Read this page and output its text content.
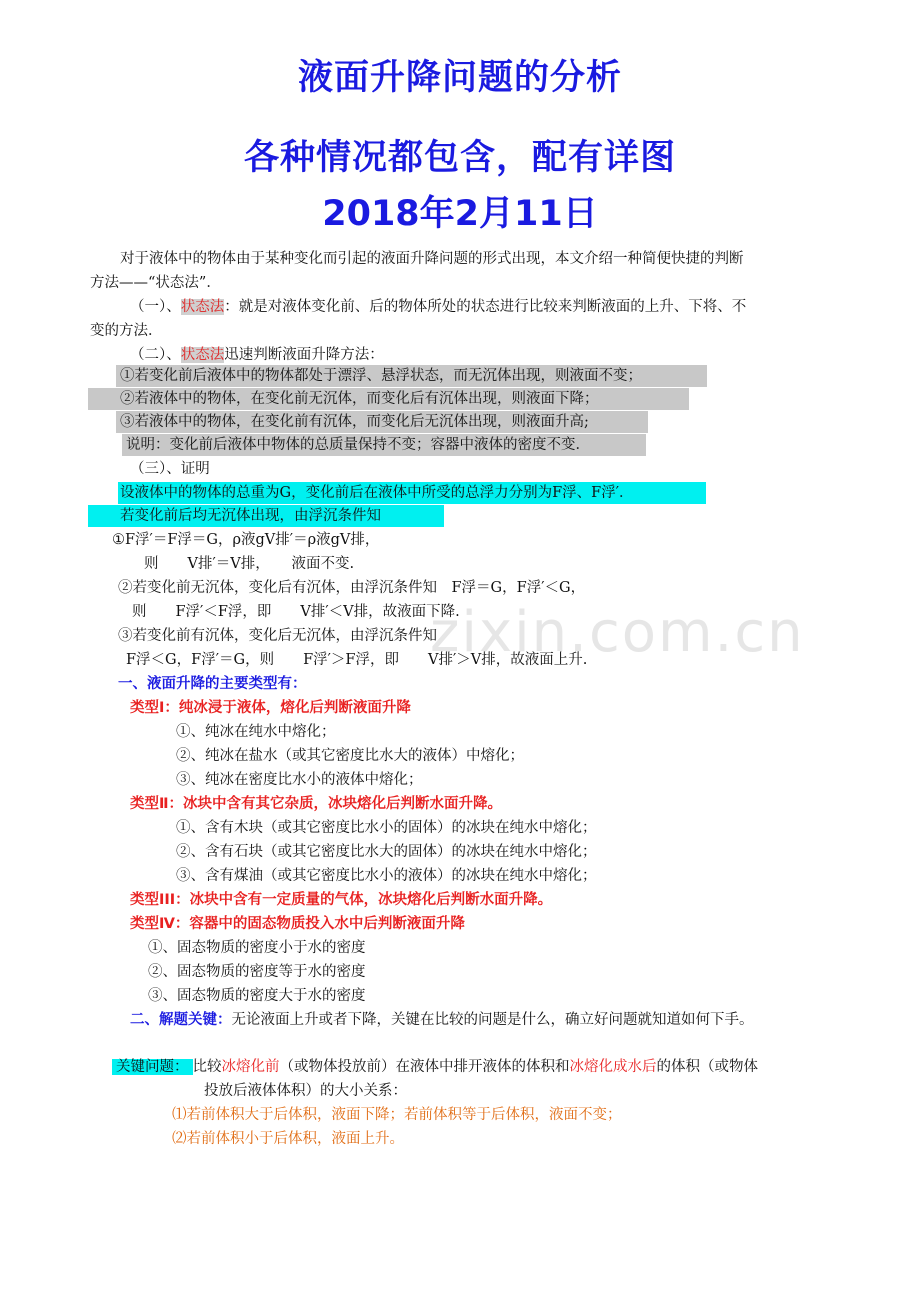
zixin.com.cn
液面升降问题的分析
各种情况都包含，配有详图
2018年2月11日
对于液体中的物体由于某种变化而引起的液面升降问题的形式出现，本文介绍一种简便快捷的判断
方法——“状态法”．
（一）、状态法：就是对液体变化前、后的物体所处的状态进行比较来判断液面的上升、下将、不
变的方法．
（二）、状态法迅速判断液面升降方法：
①若变化前后液体中的物体都处于漂浮、悬浮状态，而无沉体出现，则液面不变；
②若液体中的物体，在变化前无沉体，而变化后有沉体出现，则液面下降；
③若液体中的物体，在变化前有沉体，而变化后无沉体出现，则液面升高;
说明：变化前后液体中物体的总质量保持不变；容器中液体的密度不变．
（三）、证明
设液体中的物体的总重为G，变化前后在液体中所受的总浮力分别为F浮、F浮′．
若变化前后均无沉体出现，由浮沉条件知
①F浮′＝F浮＝G，ρ液gV排′＝ρ液gV排，
则　　V排′＝V排，　　液面不变.
②若变化前无沉体，变化后有沉体，由浮沉条件知　F浮＝G，F浮′＜G，
则　　F浮′＜F浮，即　　V排′＜V排，故液面下降.
③若变化前有沉体，变化后无沉体，由浮沉条件知
F浮＜G，F浮′＝G，则　　F浮′＞F浮，即　　V排′＞V排，故液面上升.
一、液面升降的主要类型有：
类型Ⅰ：纯冰浸于液体，熔化后判断液面升降
①、纯冰在纯水中熔化；
②、纯冰在盐水（或其它密度比水大的液体）中熔化；
③、纯冰在密度比水小的液体中熔化；
类型Ⅱ：冰块中含有其它杂质，冰块熔化后判断水面升降。
①、含有木块（或其它密度比水小的固体）的冰块在纯水中熔化；
②、含有石块（或其它密度比水大的固体）的冰块在纯水中熔化；
③、含有煤油（或其它密度比水小的液体）的冰块在纯水中熔化；
类型III：冰块中含有一定质量的气体，冰块熔化后判断水面升降。
类型Ⅳ：容器中的固态物质投入水中后判断液面升降
①、固态物质的密度小于水的密度
②、固态物质的密度等于水的密度
③、固态物质的密度大于水的密度
二、解题关键：无论液面上升或者下降，关键在比较的问题是什么，确立好问题就知道如何下手。
关键问题： 比较冰熔化前（或物体投放前）在液体中排开液体的体积和冰熔化成水后的体积（或物体
投放后液体体积）的大小关系：
⑴若前体积大于后体积，液面下降；若前体积等于后体积，液面不变；
⑵若前体积小于后体积，液面上升。
